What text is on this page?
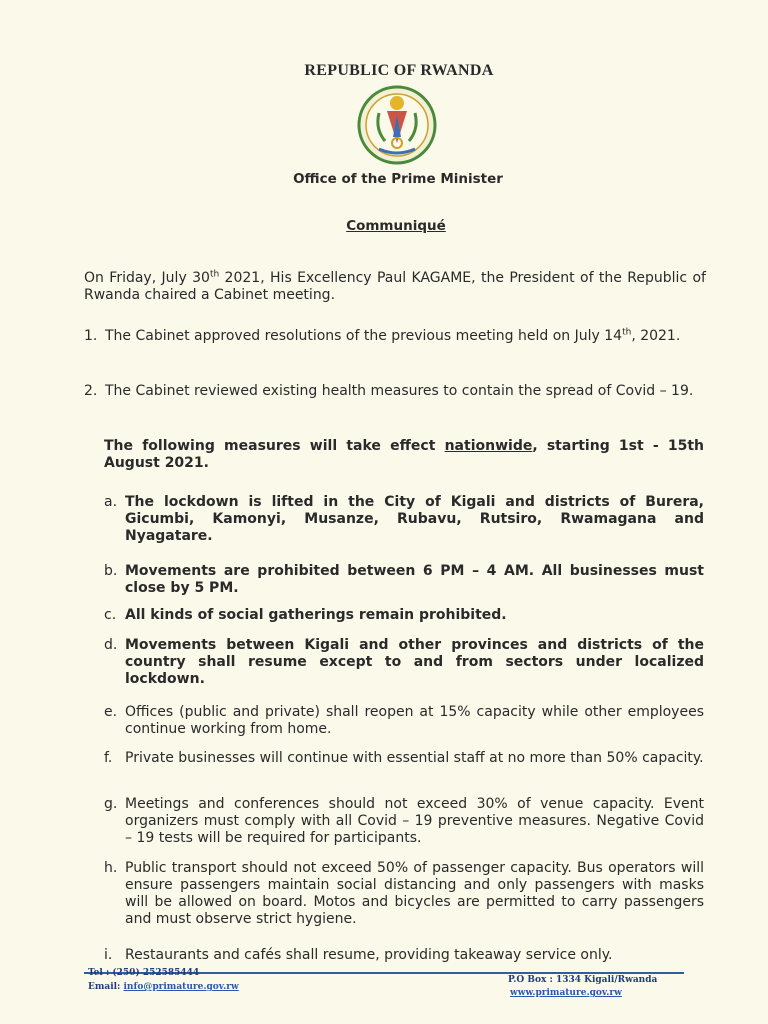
REPUBLIC OF RWANDA
Office of the Prime Minister
Communiqué
On Friday, July 30th 2021, His Excellency Paul KAGAME, the President of the Republic of Rwanda chaired a Cabinet meeting.
1. The Cabinet approved resolutions of the previous meeting held on July 14th, 2021.
2. The Cabinet reviewed existing health measures to contain the spread of Covid – 19.
The following measures will take effect nationwide, starting 1st - 15th August 2021.
a. The lockdown is lifted in the City of Kigali and districts of Burera, Gicumbi, Kamonyi, Musanze, Rubavu, Rutsiro, Rwamagana and Nyagatare.
b. Movements are prohibited between 6 PM – 4 AM. All businesses must close by 5 PM.
c. All kinds of social gatherings remain prohibited.
d. Movements between Kigali and other provinces and districts of the country shall resume except to and from sectors under localized lockdown.
e. Offices (public and private) shall reopen at 15% capacity while other employees continue working from home.
f. Private businesses will continue with essential staff at no more than 50% capacity.
g. Meetings and conferences should not exceed 30% of venue capacity. Event organizers must comply with all Covid – 19 preventive measures. Negative Covid – 19 tests will be required for participants.
h. Public transport should not exceed 50% of passenger capacity. Bus operators will ensure passengers maintain social distancing and only passengers with masks will be allowed on board. Motos and bicycles are permitted to carry passengers and must observe strict hygiene.
i. Restaurants and cafés shall resume, providing takeaway service only.
Tel : (250) 252585444
Email: info@primature.gov.rw
P.O Box : 1334 Kigali/Rwanda
www.primature.gov.rw
